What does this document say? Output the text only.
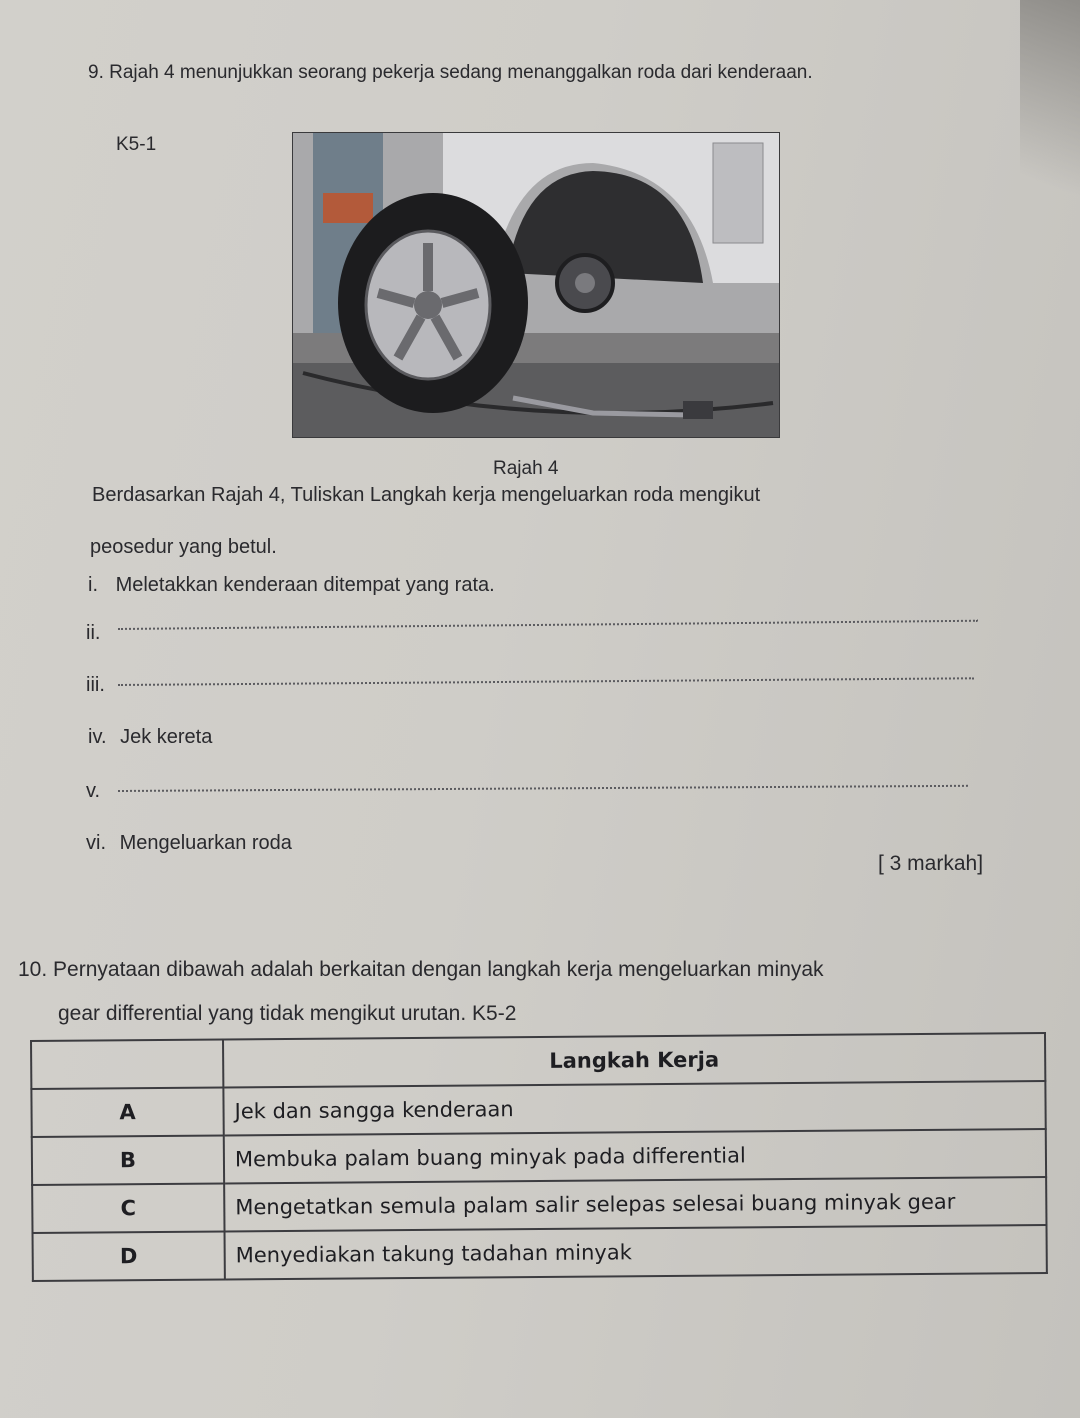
9. Rajah 4 menunjukkan seorang pekerja sedang menanggalkan roda dari kenderaan.
K5-1
Rajah 4
Berdasarkan Rajah 4, Tuliskan Langkah kerja mengeluarkan roda mengikut
peosedur yang betul.
i. Meletakkan kenderaan ditempat yang rata.
ii.
iii.
iv. Jek kereta
v.
vi. Mengeluarkan roda
[ 3 markah]
10. Pernyataan dibawah adalah berkaitan dengan langkah kerja mengeluarkan minyak
gear differential yang tidak mengikut urutan. K5-2
	Langkah Kerja
A	Jek dan sangga kenderaan
B	Membuka palam buang minyak pada differential
C	Mengetatkan semula palam salir selepas selesai buang minyak gear
D	Menyediakan takung tadahan minyak
